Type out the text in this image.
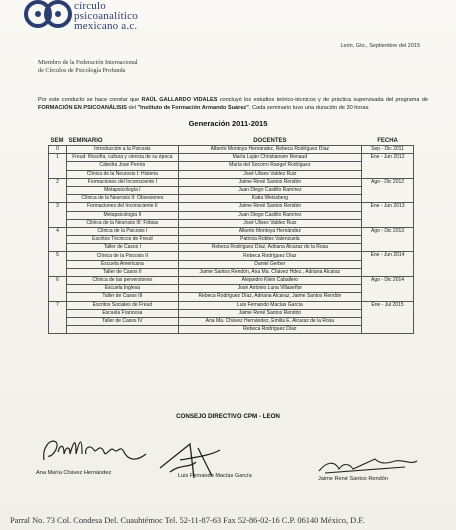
círculo
psicoanalítico
mexicano a.c.
León, Gto., Septiembre del 2015
Miembro de la Federación Internacional
de Círculos de Psicología Profunda
Por este conducto se hace constar que RAÚL GALLARDO VIDALES concluyó los estudios teórico-técnicos y de práctica supervisada del programa de FORMACIÓN EN PSICOANÁLISIS del "Instituto de Formación Armando Suárez". Cada seminario tuvo una duración de 30 horas.
Generación 2011-2015
SEM	SEMINARIO	DOCENTES	FECHA
0	Introducción a la Psicosis	Alberto Montoya Hernández, Rebeca Rodríguez Díaz	Sep - Dic 2011
1	Freud: filosofía, cultura y ciencia de su época	María Luján Christiansen Renaud	Ene - Jun 2012
	Cátedra José Perrés	María del Socorro Rangel Rodríguez	
	Clínica de la Neurosis I: Histeria	José Ulises Valdez Ruiz	
2	Formaciones del Inconsciente I	Jaime René Santos Rendón	Ago - Dic 2012
	Metapsicología I	Juan Diego Castillo Ramírez	
	Clínica de la Neurosis II: Obsesiones	Katia Weissberg	
3	Formaciones del Inconsciente II	Jaime René Santos Rendón	Ene - Jun 2013
	Metapsicología II	Juan Diego Castillo Ramírez	
	Clínica de la Neurosis III: Fobias	José Ulises Valdez Ruiz	
4	Clínica de la Psicosis I	Alberto Montoya Hernández	Ago - Dic 2013
	Escritos Técnicos de Freud	Patricia Robles Valenzuela	
	Taller de Casos I	Rebeca Rodríguez Díaz, Adriana Alcaraz de la Rosa	
5	Clínica de la Psicosis II	Rebeca Rodríguez Díaz	Ene - Jun 2014
	Escuela Americana	Daniel Gerber	
	Taller de Casos II	Jaime Santos Rendón, Ana Ma. Chávez Hdez., Adriana Alcaraz	
6	Clínica de las perversiones	Alejandro Klein Caballero	Ago - Dic 2014
	Escuela Inglesa	José Antonio Luna Villaseñor	
	Taller de Casos III	Rebeca Rodríguez Díaz, Adriana Alcaraz, Jaime Santos Rendón	
7	Escritos Sociales de Freud	Luis Fernando Macías García	Ene - Jul 2015
	Escuela Francesa	Jaime René Santos Rendón	
	Taller de Casos IV	Ana Ma. Chávez Hernández, Emilia E. Alcaraz de la Rosa	
		Rebeca Rodríguez Díaz	
CONSEJO DIRECTIVO CPM - LEON
Ana María Chávez Hernández	Luis Fernando Macías García	Jaime René Santos Rendón
Parral No. 73 Col. Condesa Del. Cuauhtémoc Tel. 52-11-87-63 Fax 52-86-02-16 C.P. 06140 México, D.F.
